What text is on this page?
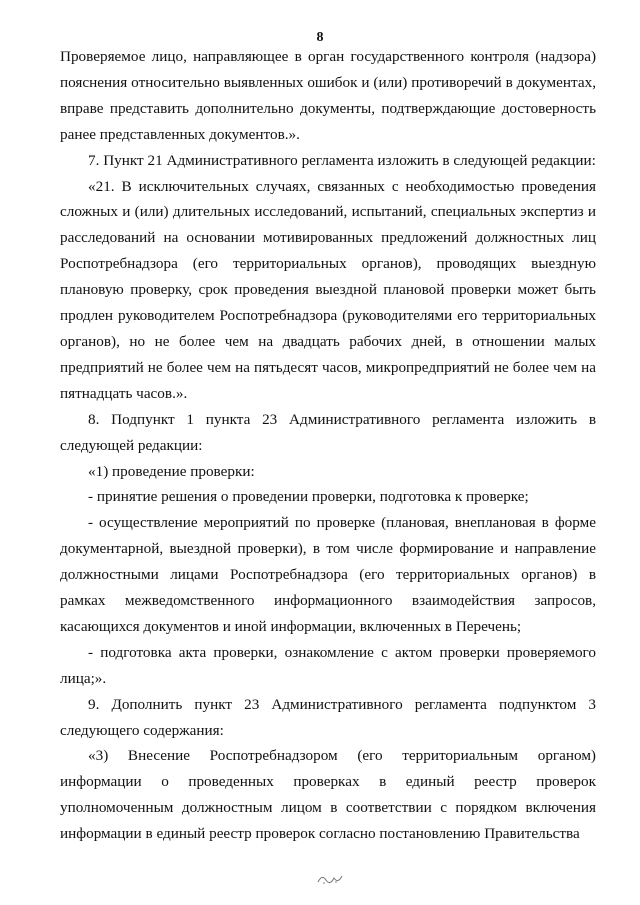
8

Проверяемое лицо, направляющее в орган государственного контроля (надзора) пояснения относительно выявленных ошибок и (или) противоречий в документах, вправе представить дополнительно документы, подтверждающие достоверность ранее представленных документов.».

7. Пункт 21 Административного регламента изложить в следующей редакции:

«21. В исключительных случаях, связанных с необходимостью проведения сложных и (или) длительных исследований, испытаний, специальных экспертиз и расследований на основании мотивированных предложений должностных лиц Роспотребнадзора (его территориальных органов), проводящих выездную плановую проверку, срок проведения выездной плановой проверки может быть продлен руководителем Роспотребнадзора (руководителями его территориальных органов), но не более чем на двадцать рабочих дней, в отношении малых предприятий не более чем на пятьдесят часов, микропредприятий не более чем на пятнадцать часов.».

8. Подпункт 1 пункта 23 Административного регламента изложить в следующей редакции:

«1) проведение проверки:

- принятие решения о проведении проверки, подготовка к проверке;

- осуществление мероприятий по проверке (плановая, внеплановая в форме документарной, выездной проверки), в том числе формирование и направление должностными лицами Роспотребнадзора (его территориальных органов) в рамках межведомственного информационного взаимодействия запросов, касающихся документов и иной информации, включенных в Перечень;

- подготовка акта проверки, ознакомление с актом проверки проверяемого лица;».

9. Дополнить пункт 23 Административного регламента подпунктом 3 следующего содержания:

«3) Внесение Роспотребнадзором (его территориальным органом) информации о проведенных проверках в единый реестр проверок уполномоченным должностным лицом в соответствии с порядком включения информации в единый реестр проверок согласно постановлению Правительства
